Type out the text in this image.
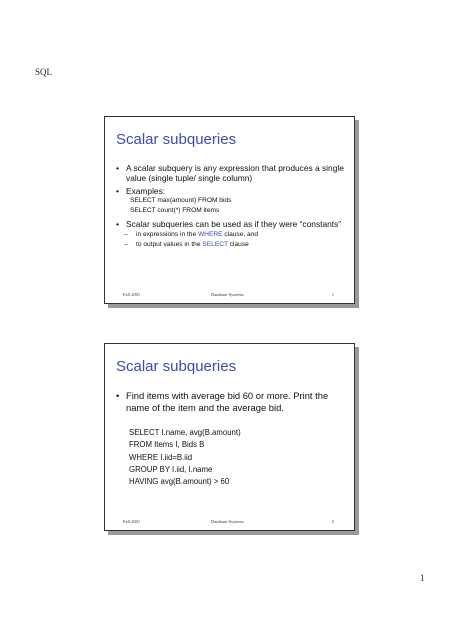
SQL
Scalar subqueries
• A scalar subquery is any expression that produces a single value (single tuple/ single column)
• Examples:
SELECT max(amount) FROM bids
SELECT count(*) FROM items
• Scalar subqueries can be used as if they were “constants”
– in expressions in the WHERE clause, and
– to output values in the SELECT clause
Fall 2001	Database Systems	1
Scalar subqueries
• Find items with average bid 60 or more. Print the name of the item and the average bid.
SELECT I.name, avg(B.amount)
FROM Items I, Bids B
WHERE I.iid=B.iid
GROUP BY I.iid, I.name
HAVING avg(B.amount) > 60
Fall 2001	Database Systems	2
1
